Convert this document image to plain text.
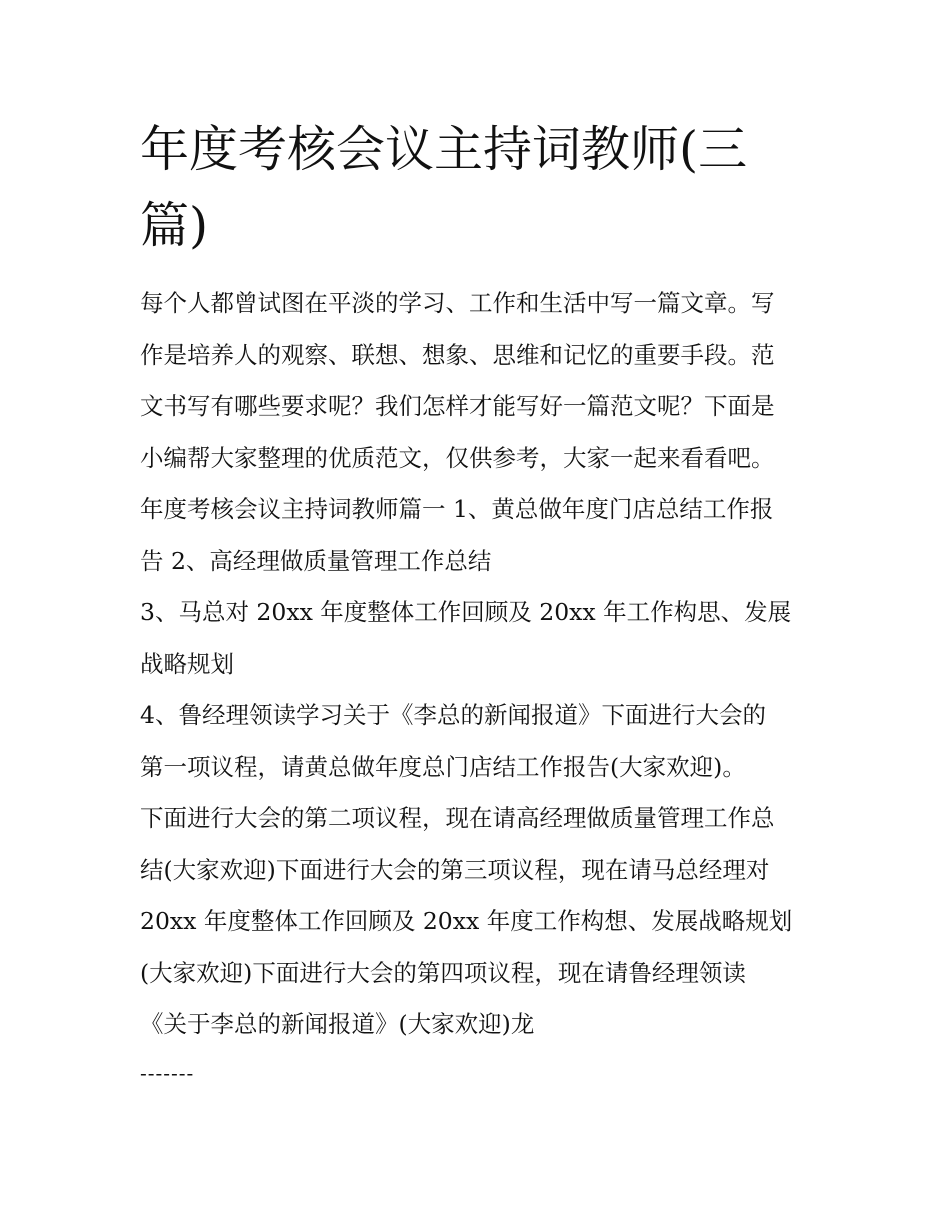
年度考核会议主持词教师(三
篇)
每个人都曾试图在平淡的学习、工作和生活中写一篇文章。写
作是培养人的观察、联想、想象、思维和记忆的重要手段。范
文书写有哪些要求呢？我们怎样才能写好一篇范文呢？下面是
小编帮大家整理的优质范文，仅供参考，大家一起来看看吧。
年度考核会议主持词教师篇一 1、黄总做年度门店总结工作报
告 2、高经理做质量管理工作总结
3、马总对 20xx 年度整体工作回顾及 20xx 年工作构思、发展
战略规划
4、鲁经理领读学习关于《李总的新闻报道》下面进行大会的
第一项议程，请黄总做年度总门店结工作报告(大家欢迎)。
下面进行大会的第二项议程，现在请高经理做质量管理工作总
结(大家欢迎)下面进行大会的第三项议程，现在请马总经理对
20xx 年度整体工作回顾及 20xx 年度工作构想、发展战略规划
(大家欢迎)下面进行大会的第四项议程，现在请鲁经理领读
《关于李总的新闻报道》(大家欢迎)龙
-------
